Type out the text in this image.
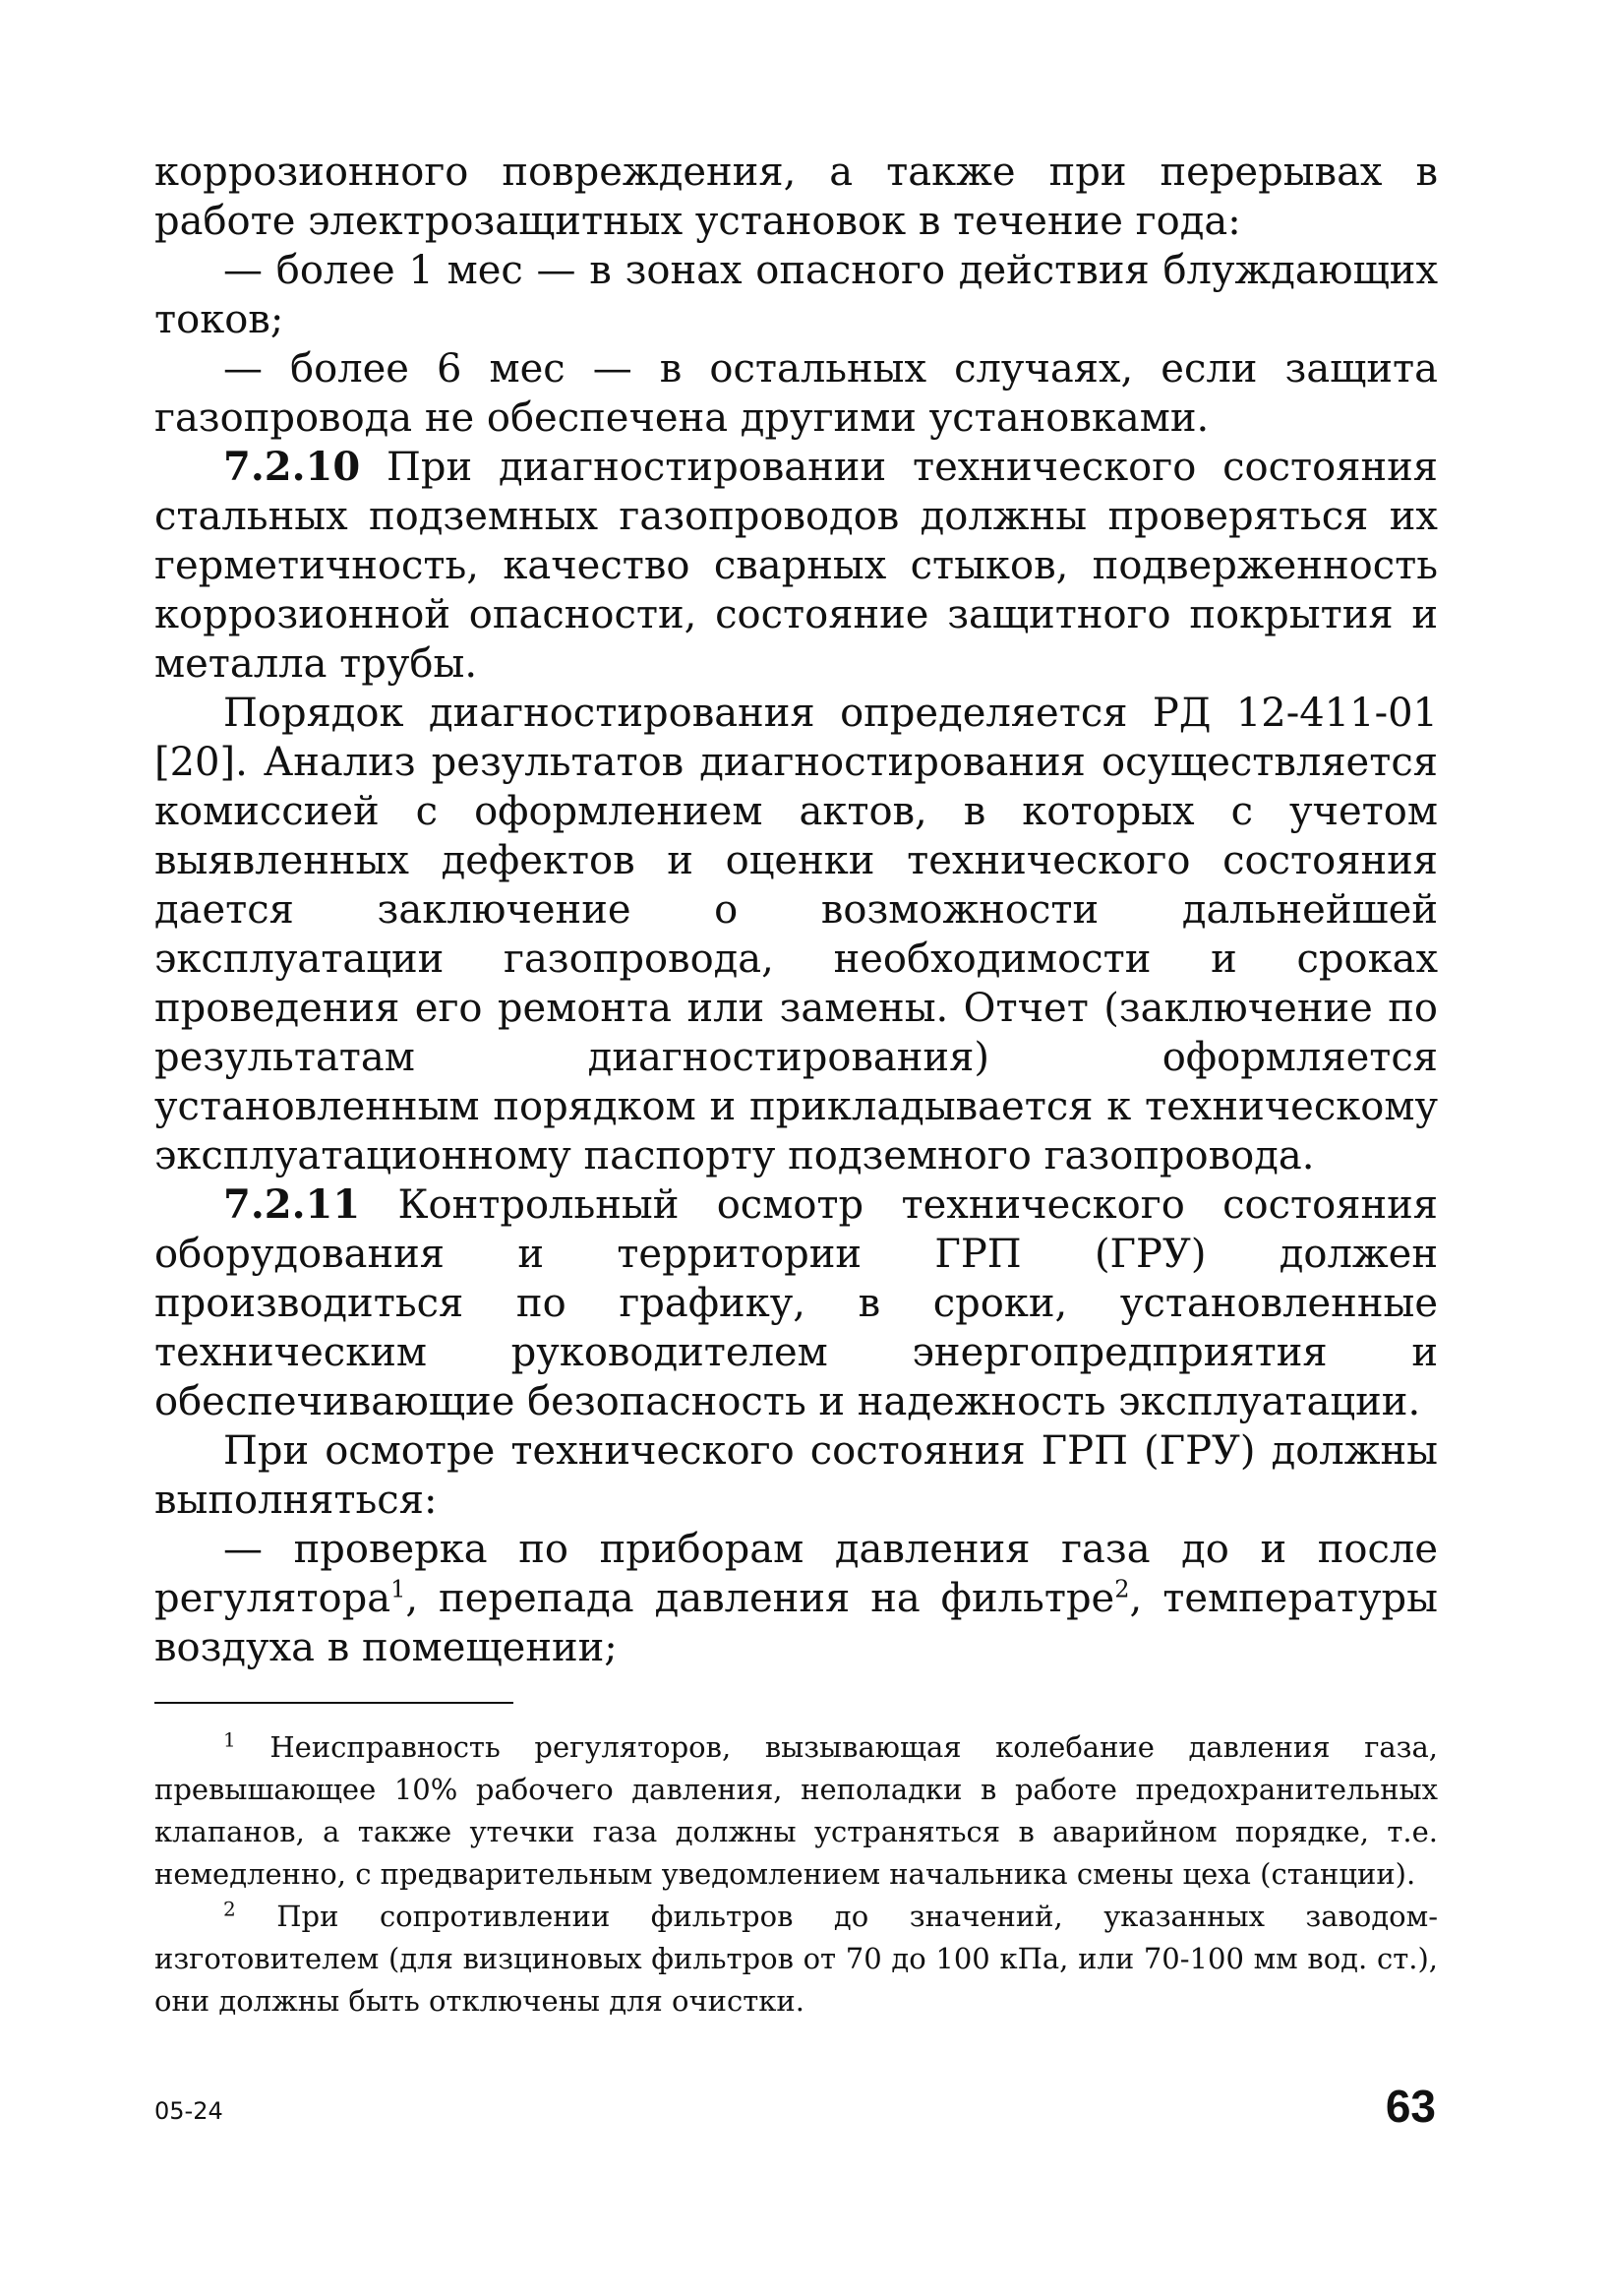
коррозионного повреждения, а также при перерывах в работе электрозащитных установок в течение года:

— более 1 мес — в зонах опасного действия блуждающих токов;

— более 6 мес — в остальных случаях, если защита газопровода не обеспечена другими установками.

7.2.10 При диагностировании технического состояния стальных подземных газопроводов должны проверяться их герметичность, качество сварных стыков, подверженность коррозионной опасности, состояние защитного покрытия и металла трубы.

Порядок диагностирования определяется РД 12-411-01 [20]. Анализ результатов диагностирования осуществляется комиссией с оформлением актов, в которых с учетом выявленных дефектов и оценки технического состояния дается заключение о возможности дальнейшей эксплуатации газопровода, необходимости и сроках проведения его ремонта или замены. Отчет (заключение по результатам диагностирования) оформляется установленным порядком и прикладывается к техническому эксплуатационному паспорту подземного газопровода.

7.2.11 Контрольный осмотр технического состояния оборудования и территории ГРП (ГРУ) должен производиться по графику, в сроки, установленные техническим руководителем энергопредприятия и обеспечивающие безопасность и надежность эксплуатации.

При осмотре технического состояния ГРП (ГРУ) должны выполняться:

— проверка по приборам давления газа до и после регулятора$^1$, перепада давления на фильтре$^2$, температуры воздуха в помещении;

$^1$ Неисправность регуляторов, вызывающая колебание давления газа, превышающее 10% рабочего давления, неполадки в работе предохранительных клапанов, а также утечки газа должны устраняться в аварийном порядке, т.е. немедленно, с предварительным уведомлением начальника смены цеха (станции).

$^2$ При сопротивлении фильтров до значений, указанных заводом-изготовителем (для визциновых фильтров от 70 до 100 кПа, или 70-100 мм вод. ст.), они должны быть отключены для очистки.

05-24	63
